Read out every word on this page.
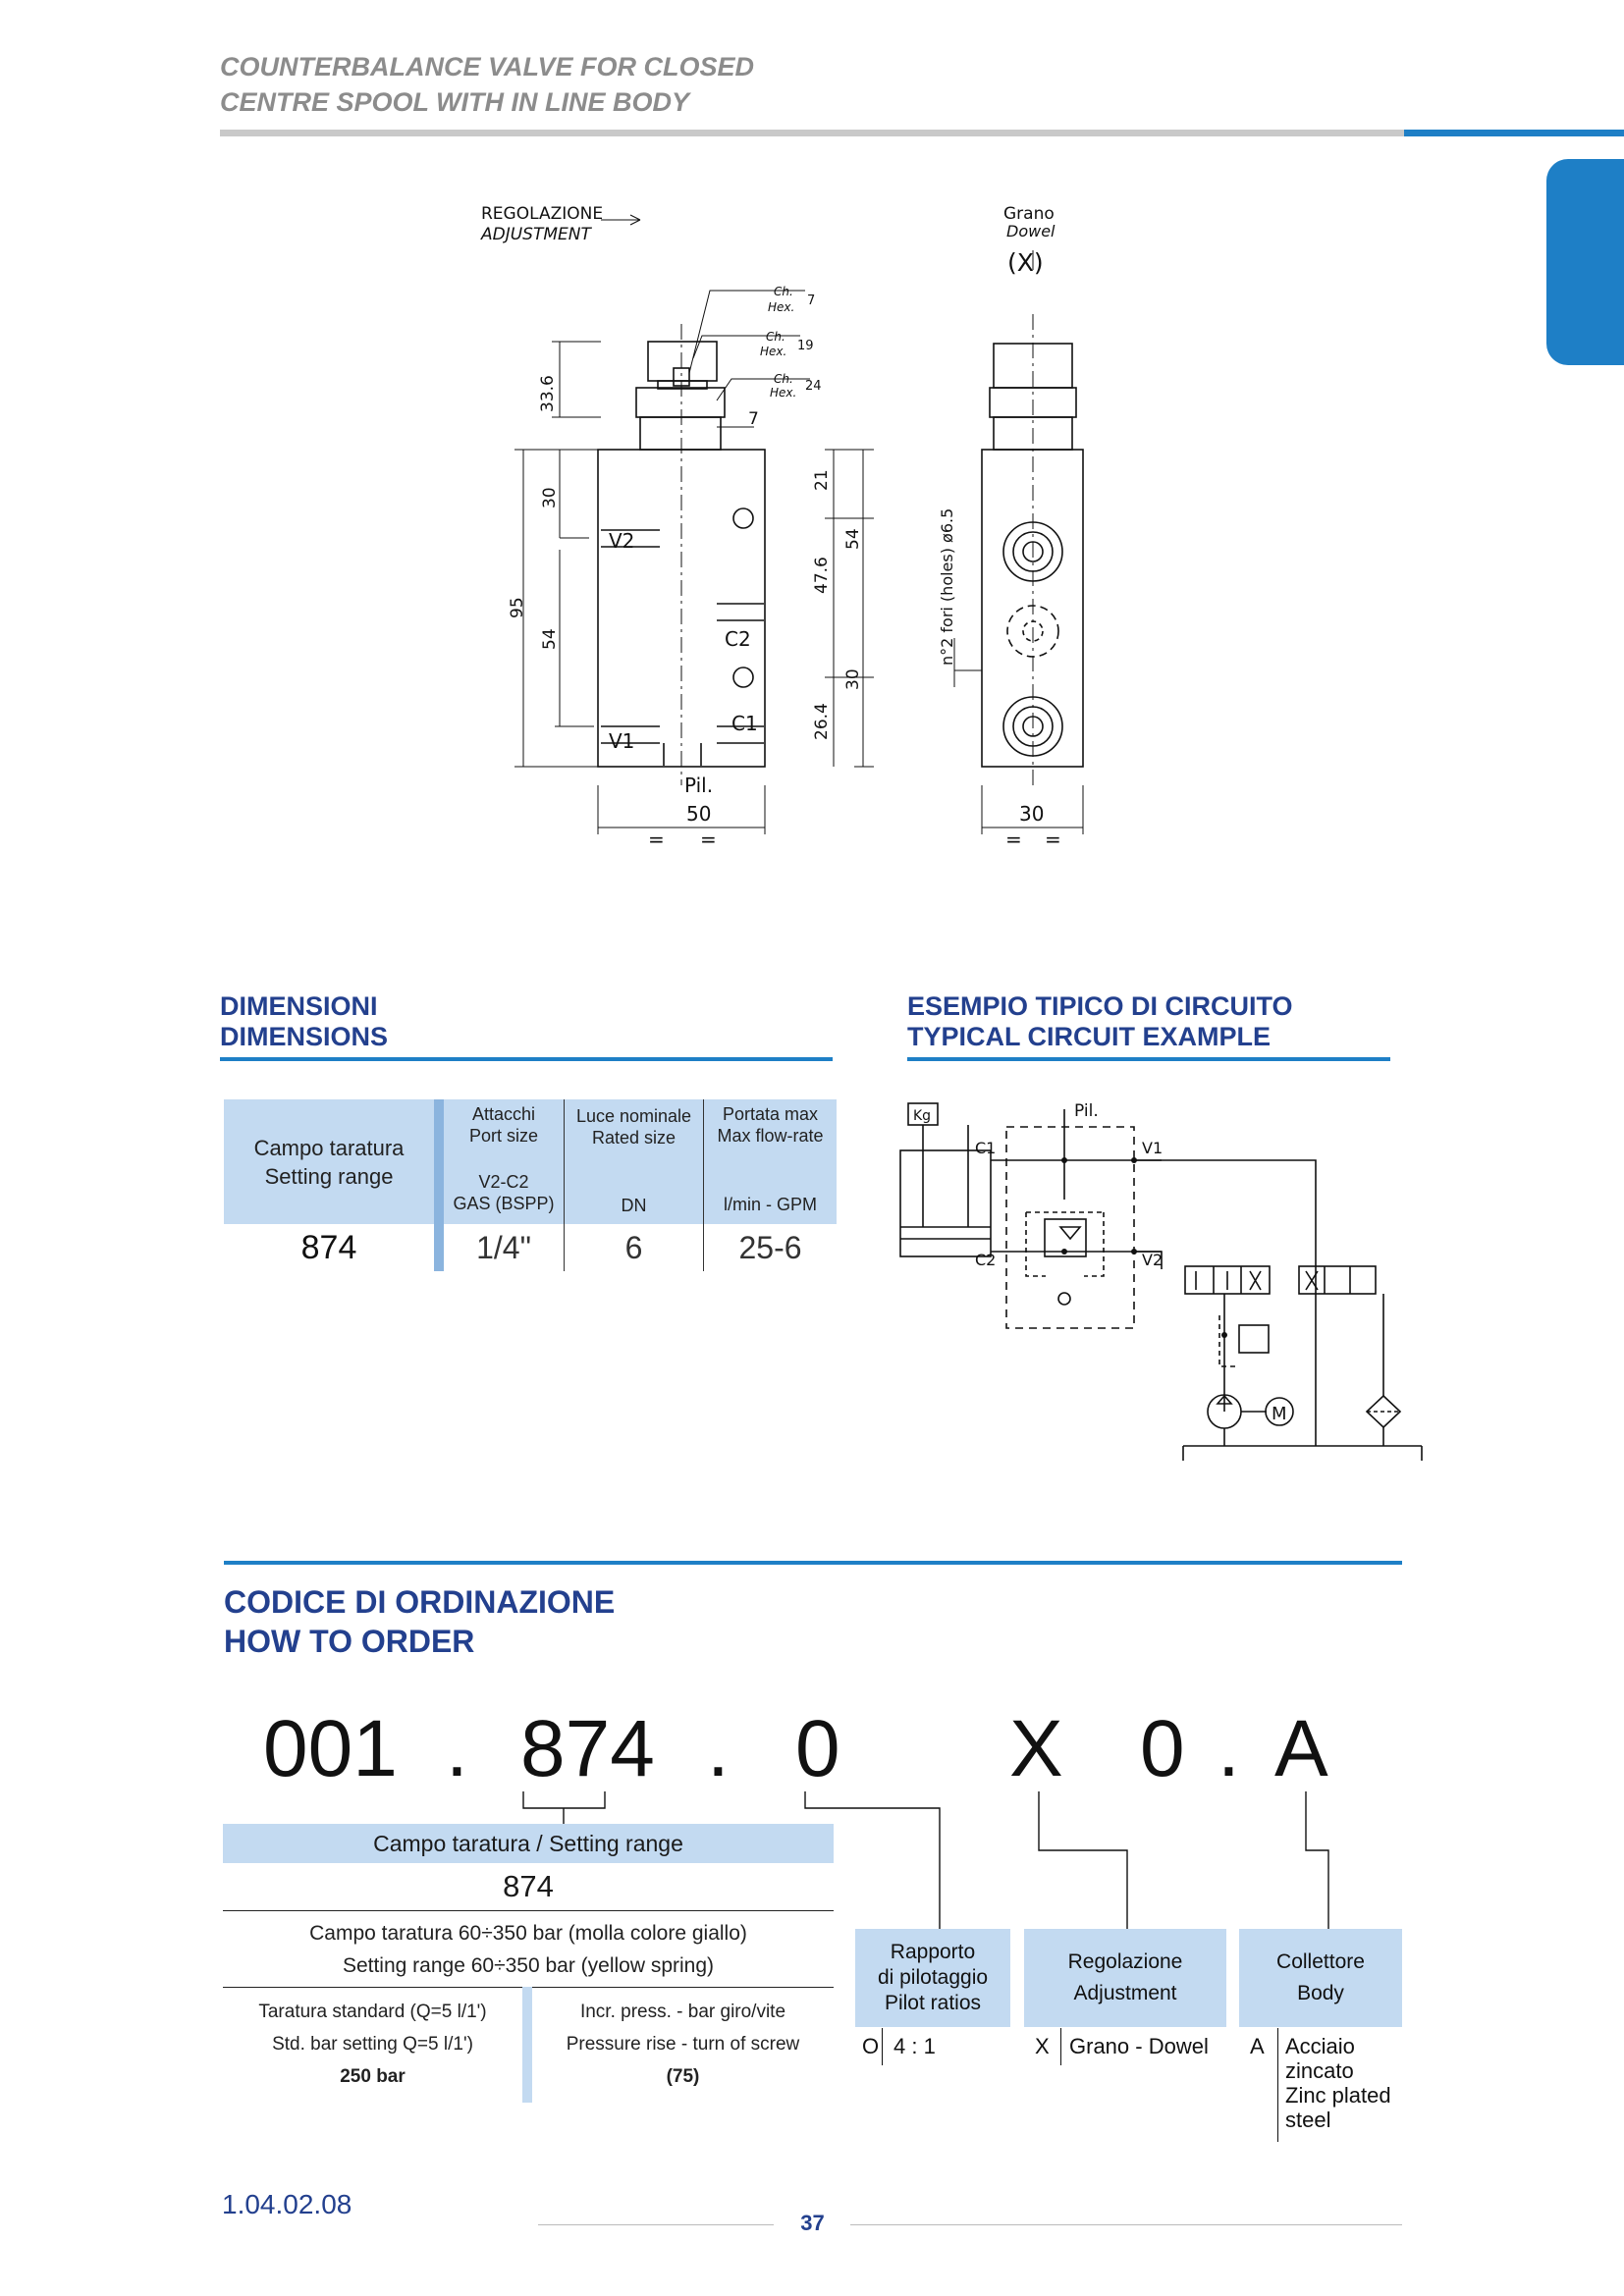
COUNTERBALANCE VALVE FOR CLOSED
CENTRE SPOOL WITH IN LINE BODY
REGOLAZIONE
ADJUSTMENT
Grano
Dowel
(X)
Ch.
Hex. 7
Ch.
Hex. 19
Ch.
Hex. 24
7
33.6
95
30
54
21
54
47.6
30
26.4
n°2 fori (holes) ø6.5
V2
C2
C1
V1
Pil.
50	30
= =	= =
DIMENSIONI
DIMENSIONS
Campo taratura
Setting range
Attacchi
Port size
V2-C2
GAS (BSPP)
Luce nominale
Rated size
DN
Portata max
Max flow-rate
l/min - GPM
874	1/4"	6	25-6
ESEMPIO TIPICO DI CIRCUITO
TYPICAL CIRCUIT EXAMPLE
Kg	Pil.
C1	V1
C2	V2
M
CODICE DI ORDINAZIONE
HOW TO ORDER
001 . 874 . 0 X 0 . A
Campo taratura / Setting range
874
Campo taratura 60÷350 bar (molla colore giallo)
Setting range 60÷350 bar (yellow spring)
Taratura standard (Q=5 l/1')
Std. bar setting Q=5 l/1')
250 bar
Incr. press. - bar giro/vite
Pressure rise - turn of screw
(75)
Rapporto
di pilotaggio
Pilot ratios
O 4 : 1
Regolazione
Adjustment
X Grano - Dowel
Collettore
Body
A Acciaio
zincato
Zinc plated
steel
1.04.02.08
37
